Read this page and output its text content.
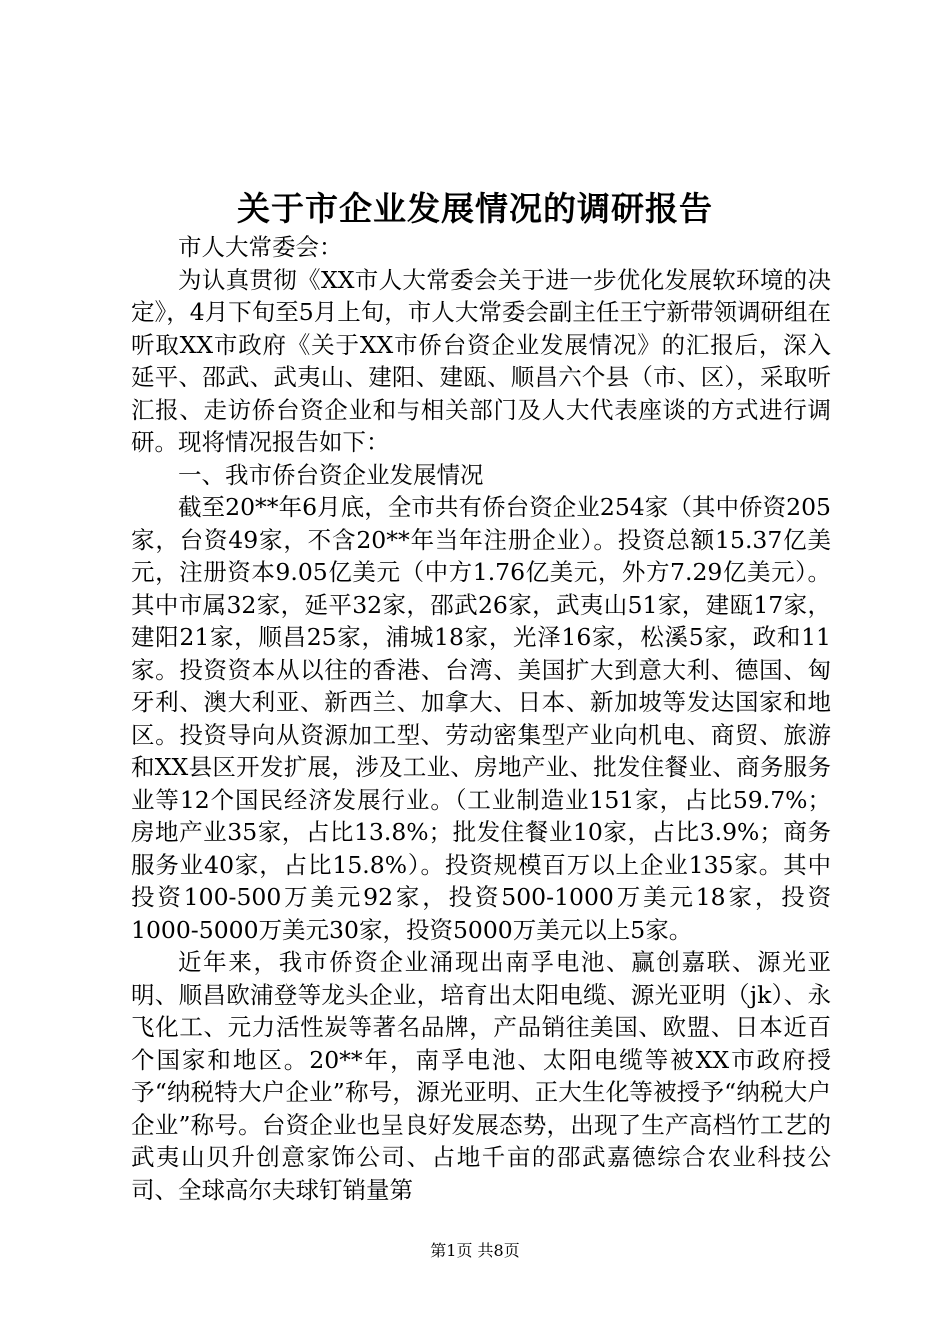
关于市企业发展情况的调研报告

市人大常委会：

为认真贯彻《XX市人大常委会关于进一步优化发展软环境的决定》，4月下旬至5月上旬，市人大常委会副主任王宁新带领调研组在听取XX市政府《关于XX市侨台资企业发展情况》的汇报后，深入延平、邵武、武夷山、建阳、建瓯、顺昌六个县（市、区），采取听汇报、走访侨台资企业和与相关部门及人大代表座谈的方式进行调研。现将情况报告如下：

一、我市侨台资企业发展情况

截至20**年6月底，全市共有侨台资企业254家（其中侨资205家，台资49家，不含20**年当年注册企业）。投资总额15.37亿美元，注册资本9.05亿美元（中方1.76亿美元，外方7.29亿美元）。其中市属32家，延平32家，邵武26家，武夷山51家，建瓯17家，建阳21家，顺昌25家，浦城18家，光泽16家，松溪5家，政和11家。投资资本从以往的香港、台湾、美国扩大到意大利、德国、匈牙利、澳大利亚、新西兰、加拿大、日本、新加坡等发达国家和地区。投资导向从资源加工型、劳动密集型产业向机电、商贸、旅游和XX县区开发扩展，涉及工业、房地产业、批发住餐业、商务服务业等12个国民经济发展行业。（工业制造业151家，占比59.7%；房地产业35家，占比13.8%；批发住餐业10家，占比3.9%；商务服务业40家，占比15.8%）。投资规模百万以上企业135家。其中投资100-500万美元92家，投资500-1000万美元18家，投资1000-5000万美元30家，投资5000万美元以上5家。

近年来，我市侨资企业涌现出南孚电池、赢创嘉联、源光亚明、顺昌欧浦登等龙头企业，培育出太阳电缆、源光亚明（jk）、永飞化工、元力活性炭等著名品牌，产品销往美国、欧盟、日本近百个国家和地区。20**年，南孚电池、太阳电缆等被XX市政府授予“纳税特大户企业”称号，源光亚明、正大生化等被授予“纳税大户企业”称号。台资企业也呈良好发展态势，出现了生产高档竹工艺的武夷山贝升创意家饰公司、占地千亩的邵武嘉德综合农业科技公司、全球高尔夫球钉销量第

第1页 共8页
